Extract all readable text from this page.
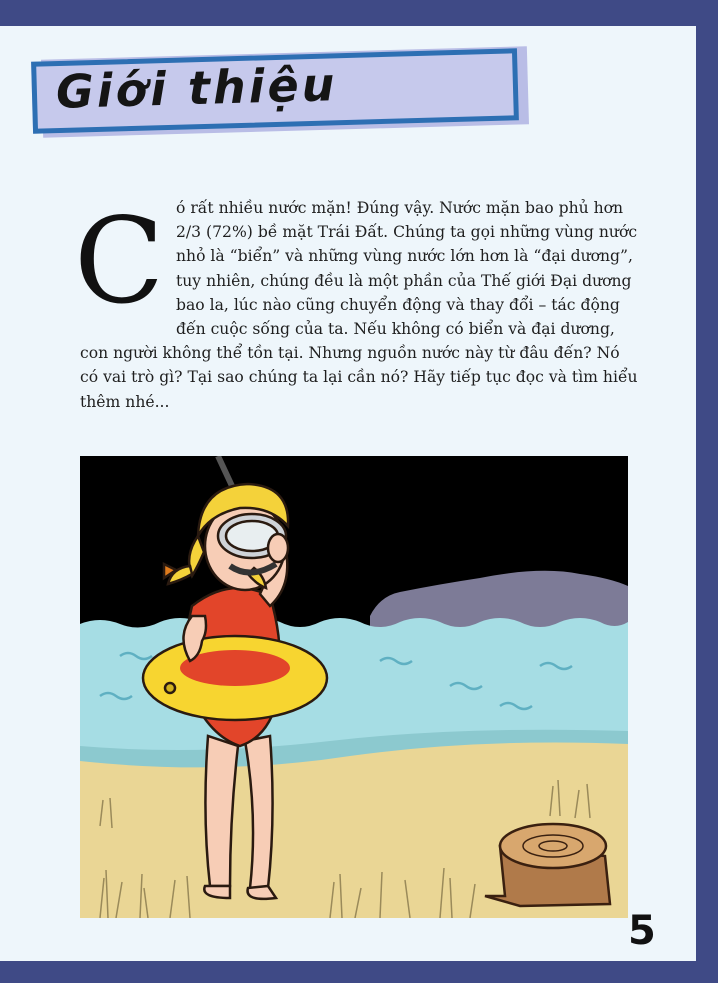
Giới thiệu
C ó rất nhiều nước mặn! Đúng vậy. Nước mặn bao phủ hơn 2/3 (72%) bề mặt Trái Đất. Chúng ta gọi những vùng nước nhỏ là “biển” và những vùng nước lớn hơn là “đại dương”, tuy nhiên, chúng đều là một phần của Thế giới Đại dương bao la, lúc nào cũng chuyển động và thay đổi – tác động đến cuộc sống của ta. Nếu không có biển và đại dương, con người không thể tồn tại. Nhưng nguồn nước này từ đâu đến? Nó có vai trò gì? Tại sao chúng ta lại cần nó? Hãy tiếp tục đọc và tìm hiểu thêm nhé...
5
